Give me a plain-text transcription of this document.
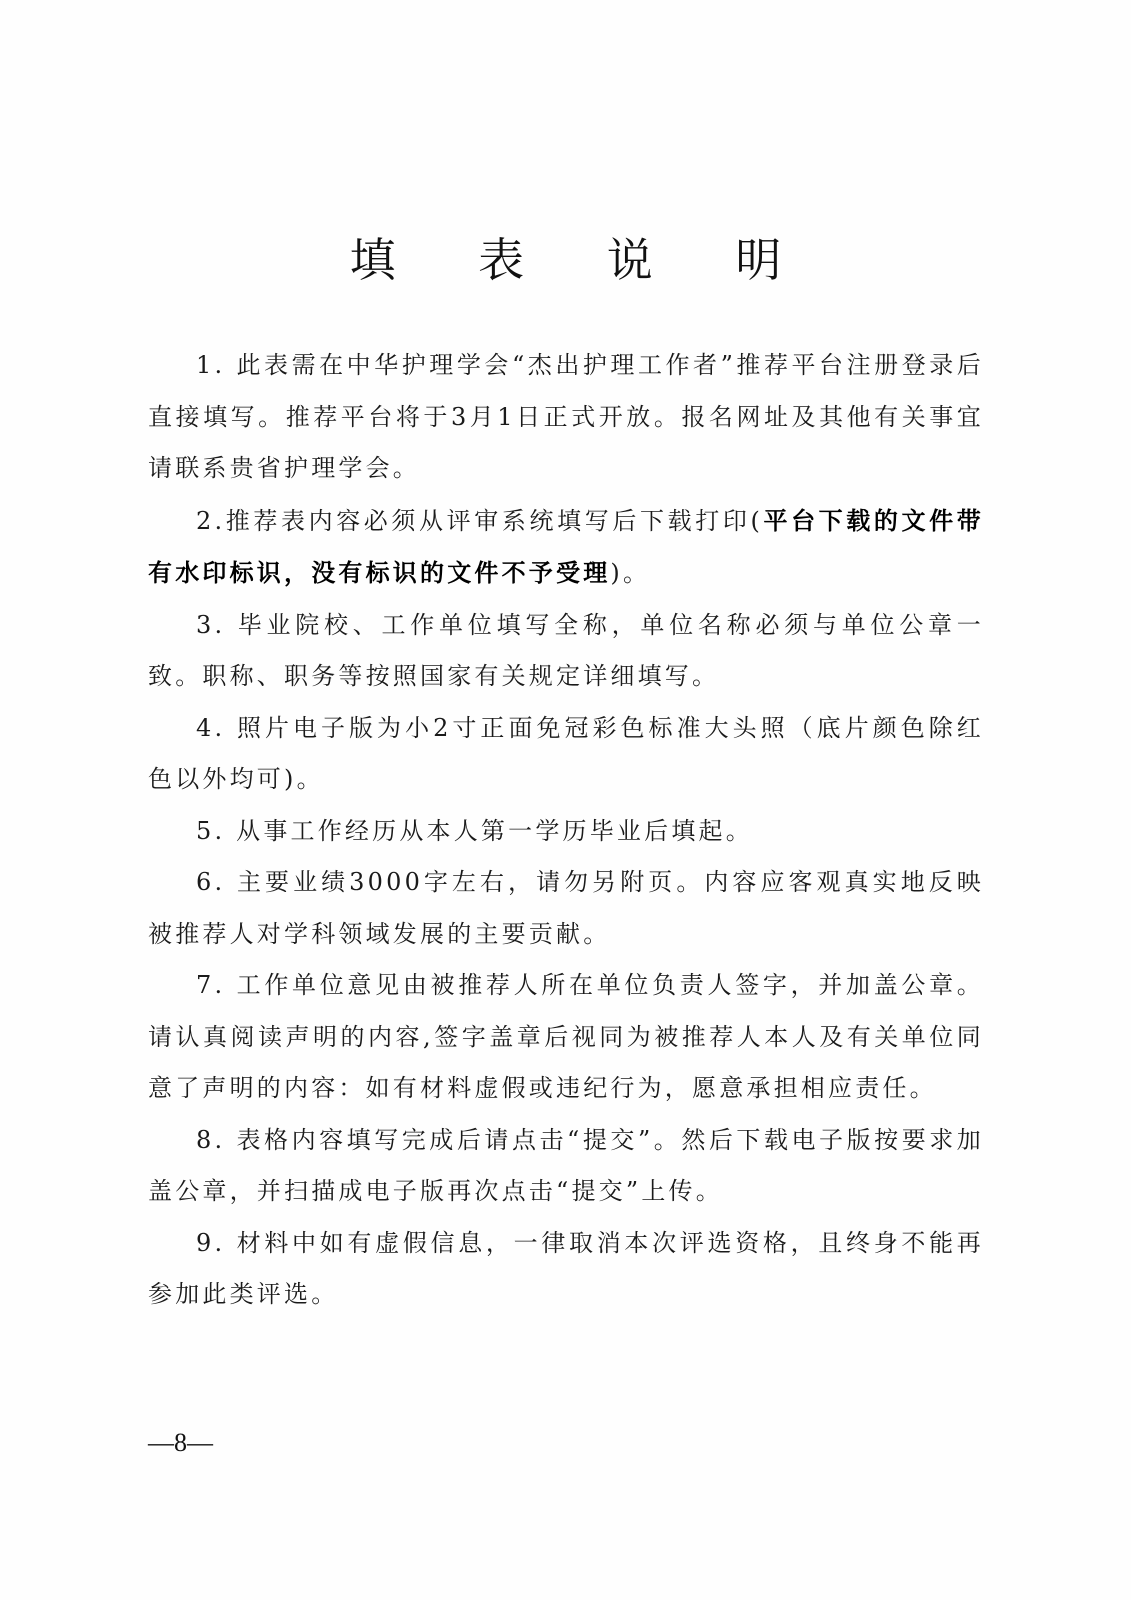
填 表 说 明

1. 此表需在中华护理学会“杰出护理工作者”推荐平台注册登录后直接填写。推荐平台将于3月1日正式开放。报名网址及其他有关事宜请联系贵省护理学会。

2.推荐表内容必须从评审系统填写后下载打印(平台下载的文件带有水印标识，没有标识的文件不予受理)。

3. 毕业院校、工作单位填写全称，单位名称必须与单位公章一致。职称、职务等按照国家有关规定详细填写。

4. 照片电子版为小2寸正面免冠彩色标准大头照（底片颜色除红色以外均可)。

5. 从事工作经历从本人第一学历毕业后填起。

6. 主要业绩3000字左右，请勿另附页。内容应客观真实地反映被推荐人对学科领域发展的主要贡献。

7. 工作单位意见由被推荐人所在单位负责人签字，并加盖公章。请认真阅读声明的内容,签字盖章后视同为被推荐人本人及有关单位同意了声明的内容：如有材料虚假或违纪行为，愿意承担相应责任。

8. 表格内容填写完成后请点击“提交”。然后下载电子版按要求加盖公章，并扫描成电子版再次点击“提交”上传。

9. 材料中如有虚假信息，一律取消本次评选资格，且终身不能再参加此类评选。

—8—
